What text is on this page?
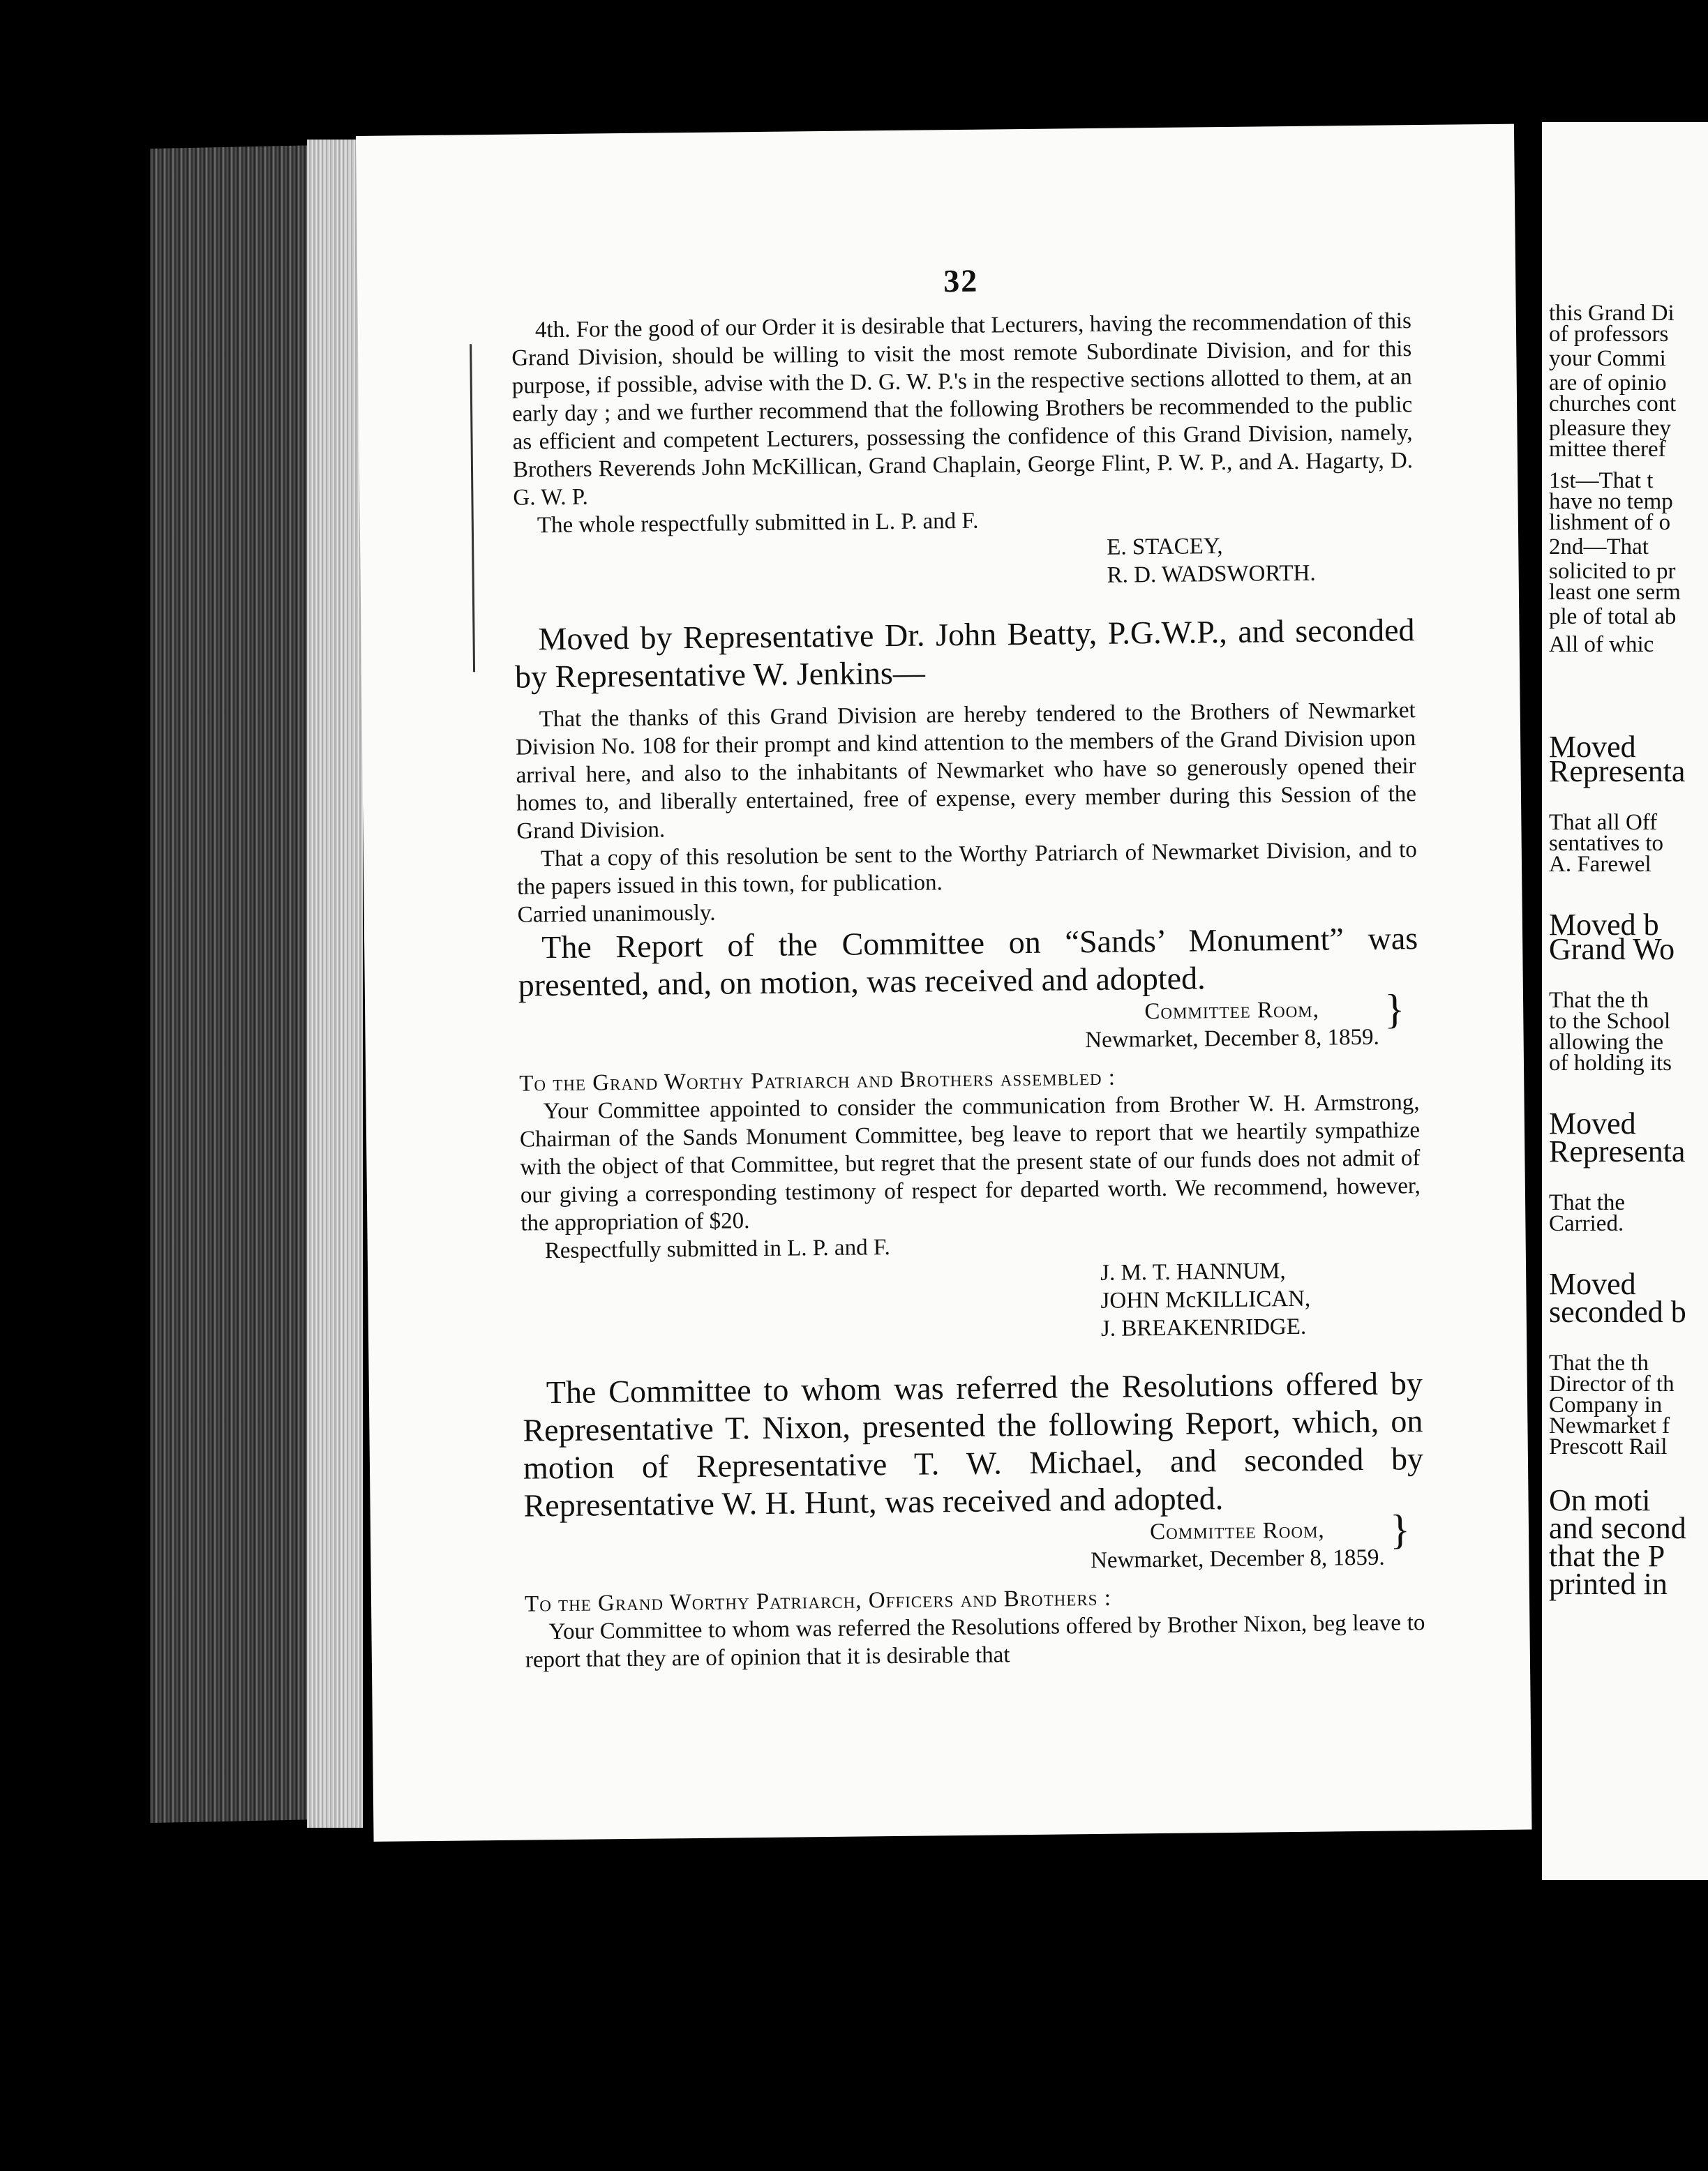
32

4th. For the good of our Order it is desirable that Lecturers, having the recommendation of this Grand Division, should be willing to visit the most remote Subordinate Division, and for this purpose, if possible, advise with the D. G. W. P.'s in the respective sections allotted to them, at an early day ; and we further recommend that the following Brothers be recommended to the public as efficient and competent Lecturers, possessing the confidence of this Grand Division, namely, Brothers Reverends John McKillican, Grand Chaplain, George Flint, P. W. P., and A. Hagarty, D. G. W. P.

The whole respectfully submitted in L. P. and F.

E. STACEY,
R. D. WADSWORTH.

Moved by Representative Dr. John Beatty, P.G.W.P., and seconded by Representative W. Jenkins—

That the thanks of this Grand Division are hereby tendered to the Brothers of Newmarket Division No. 108 for their prompt and kind attention to the members of the Grand Division upon arrival here, and also to the inhabitants of Newmarket who have so generously opened their homes to, and liberally entertained, free of expense, every member during this Session of the Grand Division.

That a copy of this resolution be sent to the Worthy Patriarch of Newmarket Division, and to the papers issued in this town, for publication.

Carried unanimously.

The Report of the Committee on “Sands’ Monument” was presented, and, on motion, was received and adopted.

Committee Room,
Newmarket, December 8, 1859.}

To the Grand Worthy Patriarch and Brothers assembled :

Your Committee appointed to consider the communication from Brother W. H. Armstrong, Chairman of the Sands Monument Committee, beg leave to report that we heartily sympathize with the object of that Committee, but regret that the present state of our funds does not admit of our giving a corresponding testimony of respect for departed worth. We recommend, however, the appropriation of $20.

Respectfully submitted in L. P. and F.

J. M. T. HANNUM,
JOHN McKILLICAN,
J. BREAKENRIDGE.

The Committee to whom was referred the Resolutions offered by Representative T. Nixon, presented the following Report, which, on motion of Representative T. W. Michael, and seconded by Representative W. H. Hunt, was received and adopted.

Committee Room,
Newmarket, December 8, 1859.}

To the Grand Worthy Patriarch, Officers and Brothers :

Your Committee to whom was referred the Resolutions offered by Brother Nixon, beg leave to report that they are of opinion that it is desirable that

this Grand Di
of professors
your Commi
are of opinio
churches cont
pleasure they
mittee theref
1st—That t
have no temp
lishment of o
2nd—That
solicited to pr
least one serm
ple of total ab
All of whic
Moved
Representa
That all Off
sentatives to
A. Farewel
Moved b
Grand Wo
That the th
to the School
allowing the
of holding its
Moved
Representa
That the
Carried.
Moved
seconded b
That the th
Director of th
Company in
Newmarket f
Prescott Rail
On moti
and second
that the P
printed in
